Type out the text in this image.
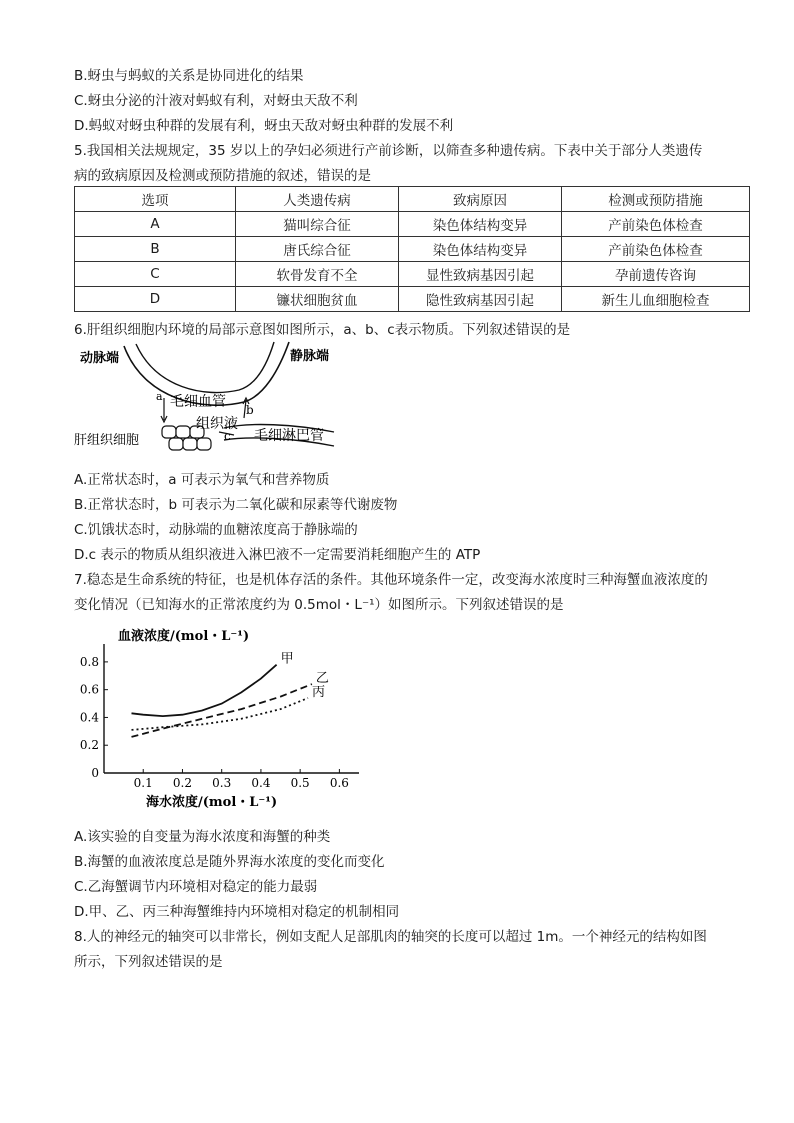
B.蚜虫与蚂蚁的关系是协同进化的结果
C.蚜虫分泌的汁液对蚂蚁有利，对蚜虫天敌不利
D.蚂蚁对蚜虫种群的发展有利，蚜虫天敌对蚜虫种群的发展不利
5.我国相关法规规定，35 岁以上的孕妇必须进行产前诊断，以筛查多种遗传病。下表中关于部分人类遗传
病的致病原因及检测或预防措施的叙述，错误的是
选项	人类遗传病	致病原因	检测或预防措施
A	猫叫综合征	染色体结构变异	产前染色体检查
B	唐氏综合征	染色体结构变异	产前染色体检查
C	软骨发育不全	显性致病基因引起	孕前遗传咨询
D	镰状细胞贫血	隐性致病基因引起	新生儿血细胞检查
6.肝组织细胞内环境的局部示意图如图所示，a、b、c表示物质。下列叙述错误的是
动脉端	静脉端
毛细血管
组织液
肝组织细胞	毛细淋巴管
a
b
c
A.正常状态时，a 可表示为氧气和营养物质
B.正常状态时，b 可表示为二氧化碳和尿素等代谢废物
C.饥饿状态时，动脉端的血糖浓度高于静脉端的
D.c 表示的物质从组织液进入淋巴液不一定需要消耗细胞产生的 ATP
7.稳态是生命系统的特征，也是机体存活的条件。其他环境条件一定，改变海水浓度时三种海蟹血液浓度的
变化情况（已知海水的正常浓度约为 0.5mol・L⁻¹）如图所示。下列叙述错误的是
0.1 0.2 0.3 0.4 0.5 0.6
0
0.2
0.4
0.6
0.8	甲
乙
丙
血液浓度/(mol・L⁻¹)
海水浓度/(mol・L⁻¹)
A.该实验的自变量为海水浓度和海蟹的种类
B.海蟹的血液浓度总是随外界海水浓度的变化而变化
C.乙海蟹调节内环境相对稳定的能力最弱
D.甲、乙、丙三种海蟹维持内环境相对稳定的机制相同
8.人的神经元的轴突可以非常长，例如支配人足部肌肉的轴突的长度可以超过 1m。一个神经元的结构如图
所示，下列叙述错误的是
